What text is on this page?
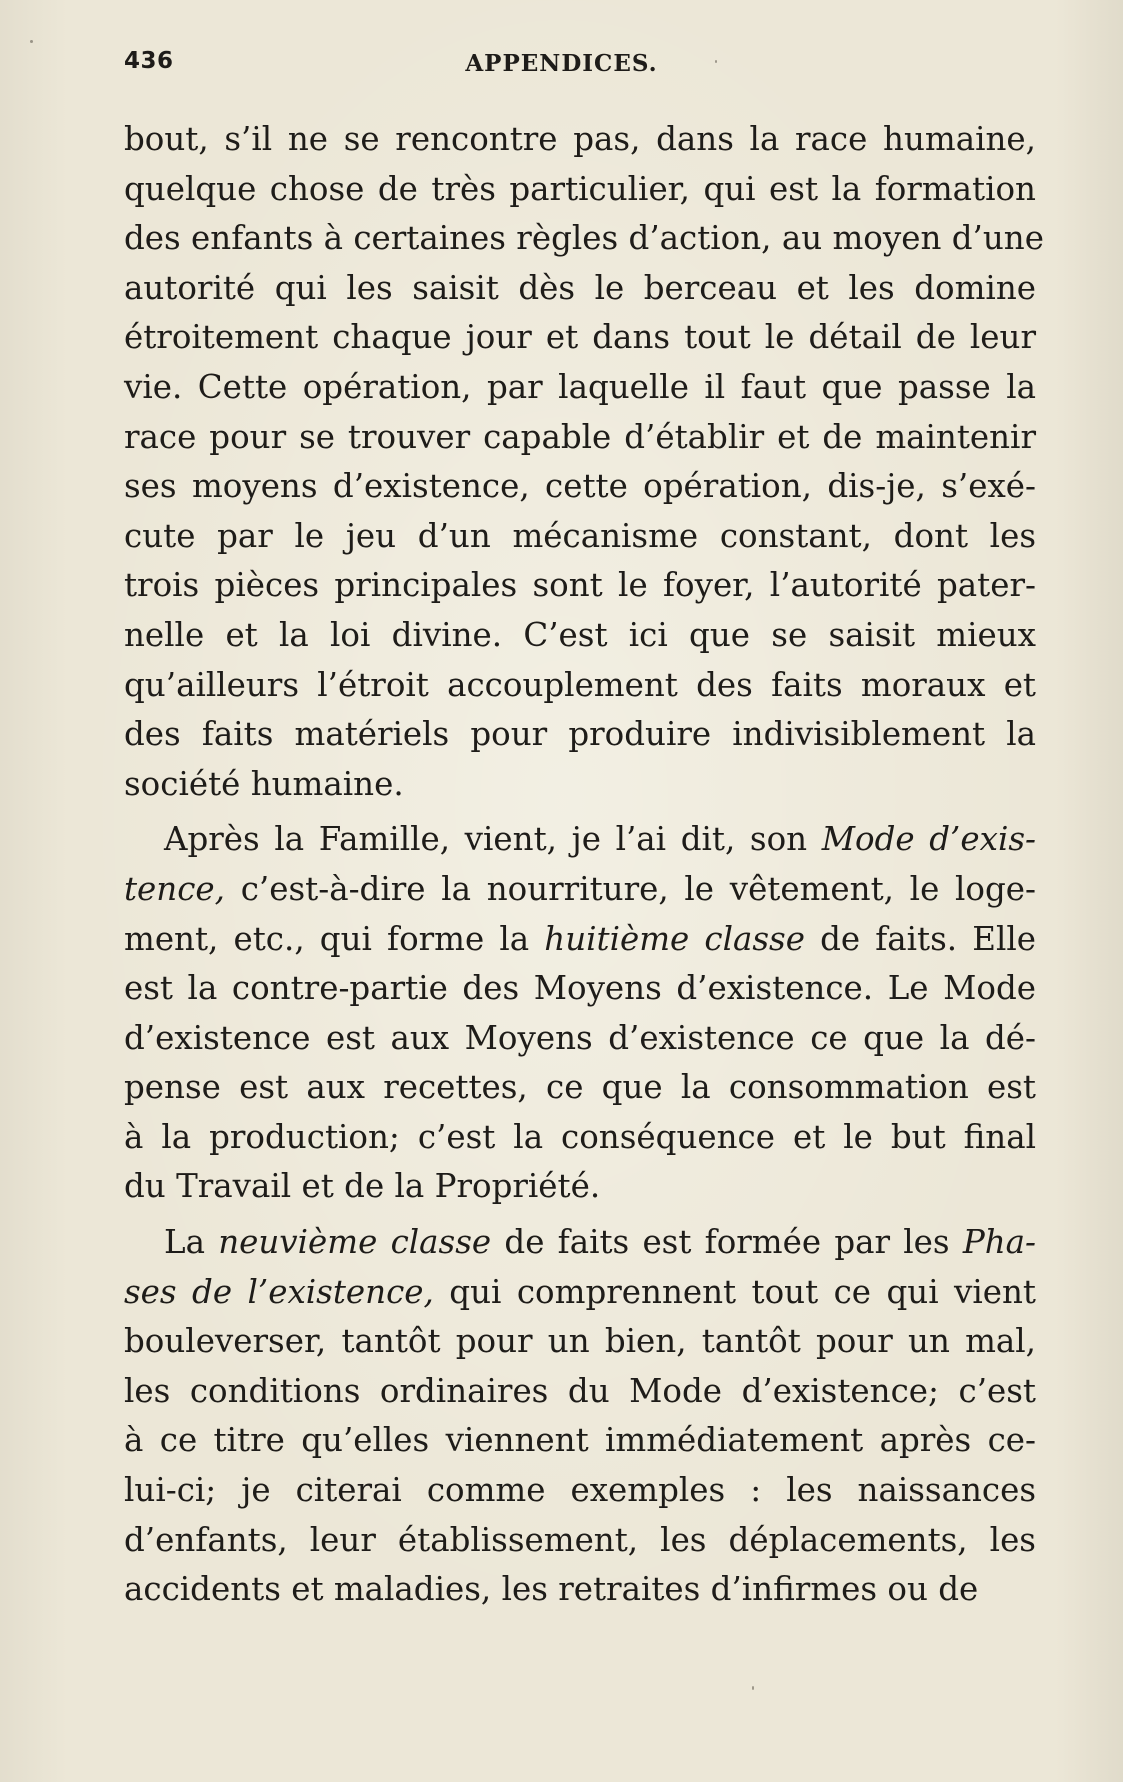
436	APPENDICES.
bout, s’il ne se rencontre pas, dans la race humaine,
quelque chose de très particulier, qui est la formation
des enfants à certaines règles d’action, au moyen d’une
autorité qui les saisit dès le berceau et les domine
étroitement chaque jour et dans tout le détail de leur
vie. Cette opération, par laquelle il faut que passe la
race pour se trouver capable d’établir et de maintenir
ses moyens d’existence, cette opération, dis-je, s’exé-
cute par le jeu d’un mécanisme constant, dont les
trois pièces principales sont le foyer, l’autorité pater-
nelle et la loi divine. C’est ici que se saisit mieux
qu’ailleurs l’étroit accouplement des faits moraux et
des faits matériels pour produire indivisiblement la
société humaine.
Après la Famille, vient, je l’ai dit, son Mode d’exis-
tence, c’est-à-dire la nourriture, le vêtement, le loge-
ment, etc., qui forme la huitième classe de faits. Elle
est la contre-partie des Moyens d’existence. Le Mode
d’existence est aux Moyens d’existence ce que la dé-
pense est aux recettes, ce que la consommation est
à la production; c’est la conséquence et le but final
du Travail et de la Propriété.
La neuvième classe de faits est formée par les Pha-
ses de l’existence, qui comprennent tout ce qui vient
bouleverser, tantôt pour un bien, tantôt pour un mal,
les conditions ordinaires du Mode d’existence; c’est
à ce titre qu’elles viennent immédiatement après ce-
lui-ci; je citerai comme exemples : les naissances
d’enfants, leur établissement, les déplacements, les
accidents et maladies, les retraites d’infirmes ou de
